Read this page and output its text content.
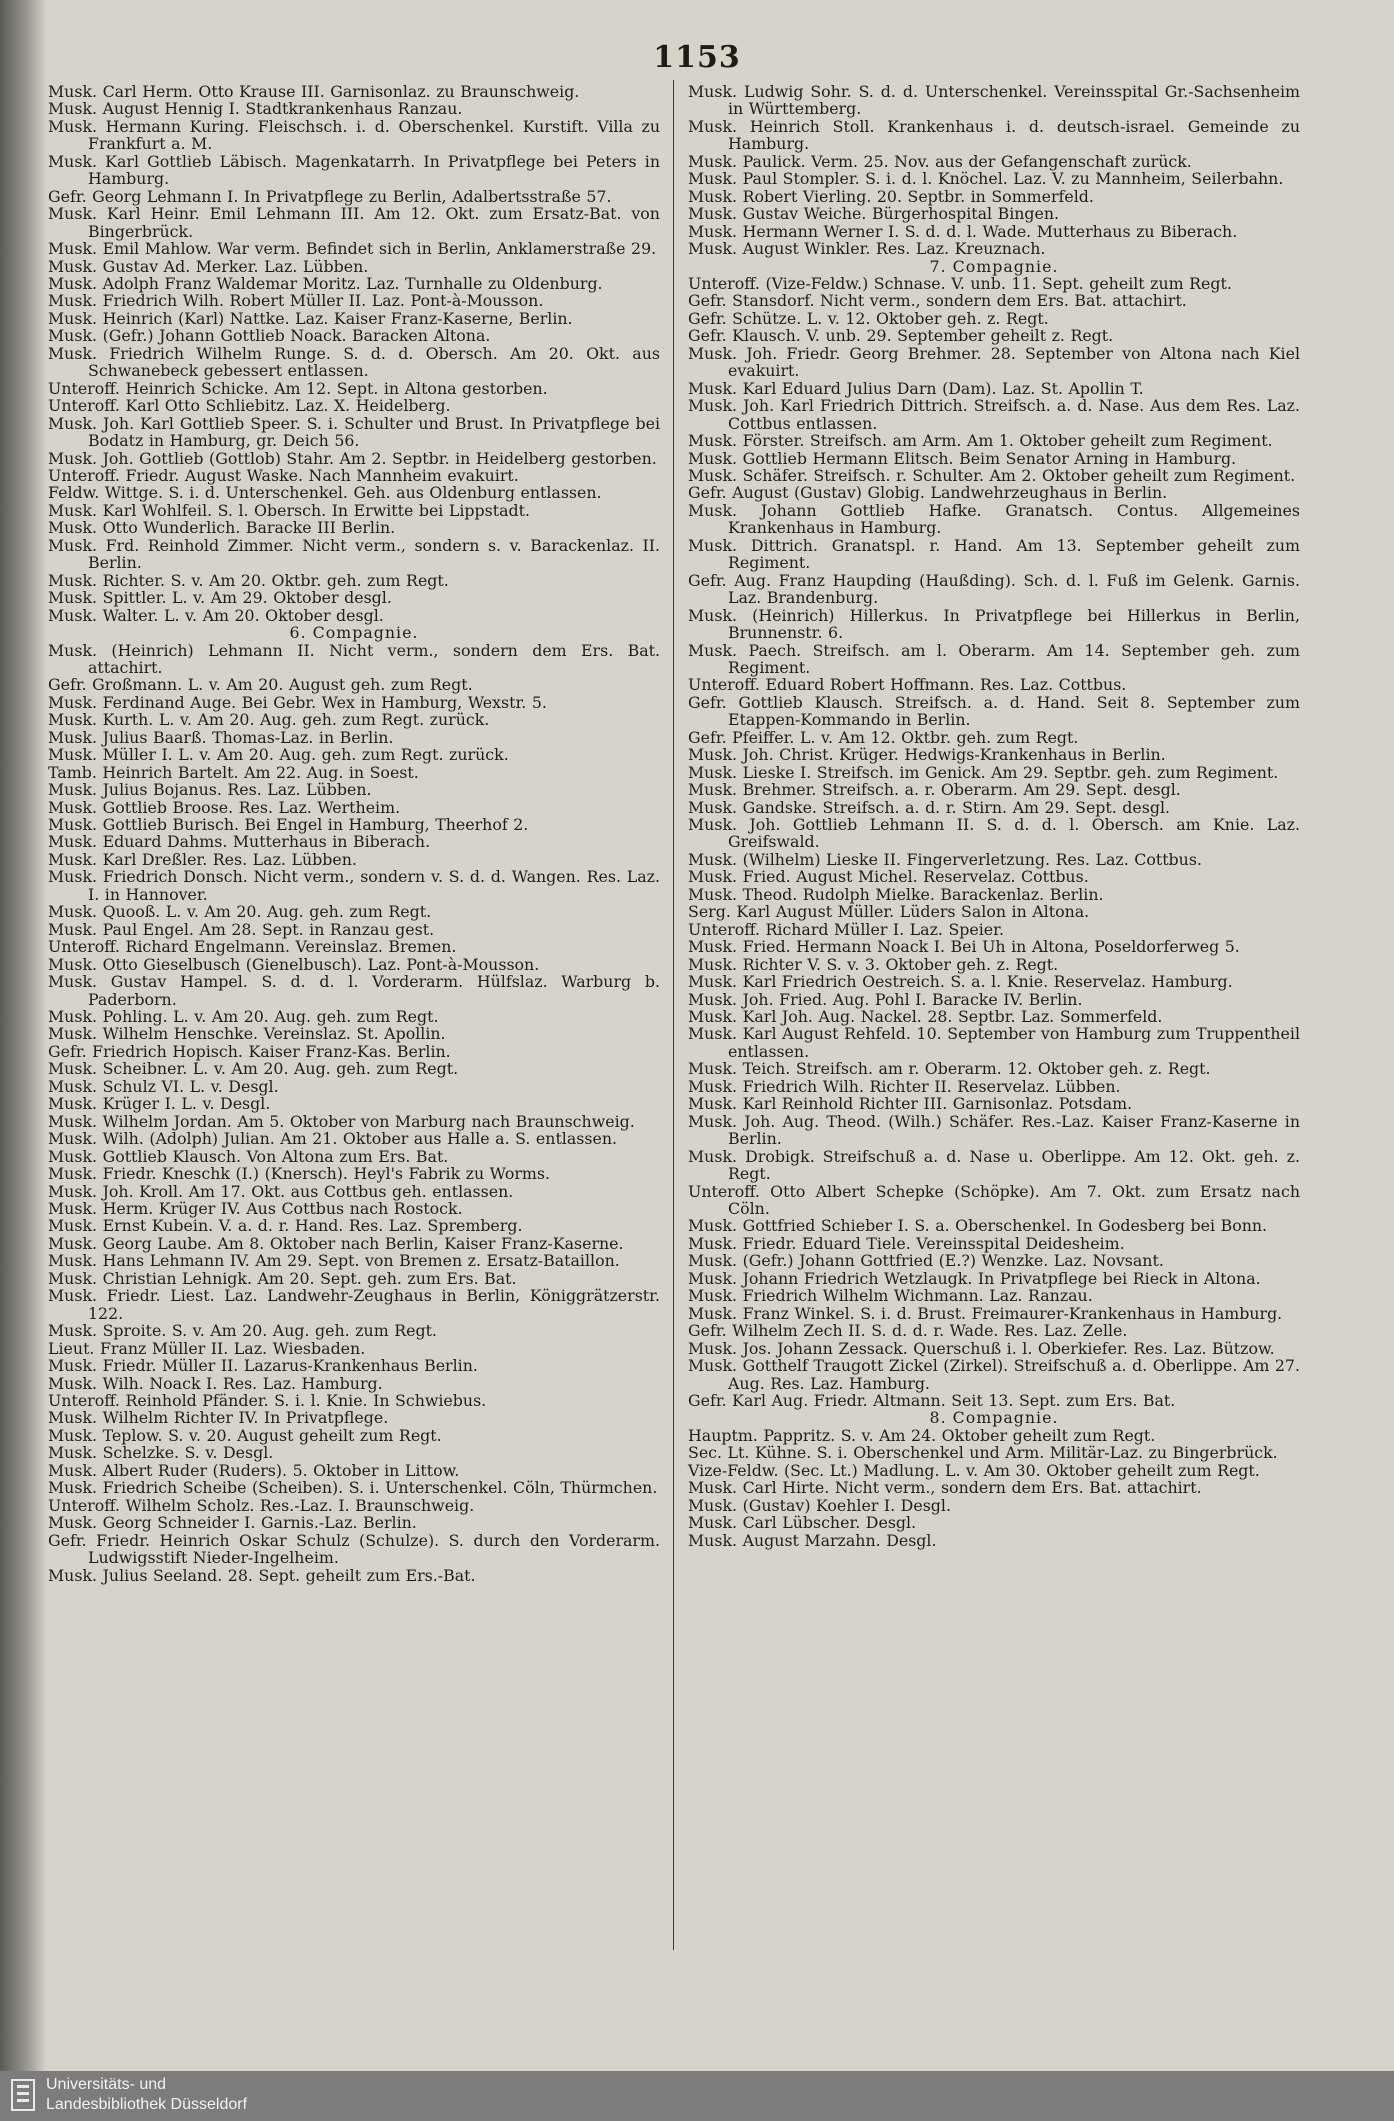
1153

Musk. Carl Herm. Otto Krause III. Garnisonlaz. zu Braunschweig.

Musk. August Hennig I. Stadtkrankenhaus Ranzau.

Musk. Hermann Kuring. Fleischsch. i. d. Oberschenkel. Kurstift. Villa zu Frankfurt a. M.

Musk. Karl Gottlieb Läbisch. Magenkatarrh. In Privatpflege bei Peters in Hamburg.

Gefr. Georg Lehmann I. In Privatpflege zu Berlin, Adalbertsstraße 57.

Musk. Karl Heinr. Emil Lehmann III. Am 12. Okt. zum Ersatz-Bat. von Bingerbrück.

Musk. Emil Mahlow. War verm. Befindet sich in Berlin, Anklamerstraße 29.

Musk. Gustav Ad. Merker. Laz. Lübben.

Musk. Adolph Franz Waldemar Moritz. Laz. Turnhalle zu Oldenburg.

Musk. Friedrich Wilh. Robert Müller II. Laz. Pont-à-Mousson.

Musk. Heinrich (Karl) Nattke. Laz. Kaiser Franz-Kaserne, Berlin.

Musk. (Gefr.) Johann Gottlieb Noack. Baracken Altona.

Musk. Friedrich Wilhelm Runge. S. d. d. Obersch. Am 20. Okt. aus Schwanebeck gebessert entlassen.

Unteroff. Heinrich Schicke. Am 12. Sept. in Altona gestorben.

Unteroff. Karl Otto Schliebitz. Laz. X. Heidelberg.

Musk. Joh. Karl Gottlieb Speer. S. i. Schulter und Brust. In Privatpflege bei Bodatz in Hamburg, gr. Deich 56.

Musk. Joh. Gottlieb (Gottlob) Stahr. Am 2. Septbr. in Heidelberg gestorben.

Unteroff. Friedr. August Waske. Nach Mannheim evakuirt.

Feldw. Wittge. S. i. d. Unterschenkel. Geh. aus Oldenburg entlassen.

Musk. Karl Wohlfeil. S. l. Obersch. In Erwitte bei Lippstadt.

Musk. Otto Wunderlich. Baracke III Berlin.

Musk. Frd. Reinhold Zimmer. Nicht verm., sondern s. v. Barackenlaz. II. Berlin.

Musk. Richter. S. v. Am 20. Oktbr. geh. zum Regt.

Musk. Spittler. L. v. Am 29. Oktober desgl.

Musk. Walter. L. v. Am 20. Oktober desgl.

6. Compagnie.

Musk. (Heinrich) Lehmann II. Nicht verm., sondern dem Ers. Bat. attachirt.

Gefr. Großmann. L. v. Am 20. August geh. zum Regt.

Musk. Ferdinand Auge. Bei Gebr. Wex in Hamburg, Wexstr. 5.

Musk. Kurth. L. v. Am 20. Aug. geh. zum Regt. zurück.

Musk. Julius Baarß. Thomas-Laz. in Berlin.

Musk. Müller I. L. v. Am 20. Aug. geh. zum Regt. zurück.

Tamb. Heinrich Bartelt. Am 22. Aug. in Soest.

Musk. Julius Bojanus. Res. Laz. Lübben.

Musk. Gottlieb Broose. Res. Laz. Wertheim.

Musk. Gottlieb Burisch. Bei Engel in Hamburg, Theerhof 2.

Musk. Eduard Dahms. Mutterhaus in Biberach.

Musk. Karl Dreßler. Res. Laz. Lübben.

Musk. Friedrich Donsch. Nicht verm., sondern v. S. d. d. Wangen. Res. Laz. I. in Hannover.

Musk. Quooß. L. v. Am 20. Aug. geh. zum Regt.

Musk. Paul Engel. Am 28. Sept. in Ranzau gest.

Unteroff. Richard Engelmann. Vereinslaz. Bremen.

Musk. Otto Gieselbusch (Gienelbusch). Laz. Pont-à-Mousson.

Musk. Gustav Hampel. S. d. d. l. Vorderarm. Hülfslaz. Warburg b. Paderborn.

Musk. Pohling. L. v. Am 20. Aug. geh. zum Regt.

Musk. Wilhelm Henschke. Vereinslaz. St. Apollin.

Gefr. Friedrich Hopisch. Kaiser Franz-Kas. Berlin.

Musk. Scheibner. L. v. Am 20. Aug. geh. zum Regt.

Musk. Schulz VI. L. v. Desgl.

Musk. Krüger I. L. v. Desgl.

Musk. Wilhelm Jordan. Am 5. Oktober von Marburg nach Braunschweig.

Musk. Wilh. (Adolph) Julian. Am 21. Oktober aus Halle a. S. entlassen.

Musk. Gottlieb Klausch. Von Altona zum Ers. Bat.

Musk. Friedr. Kneschk (I.) (Knersch). Heyl's Fabrik zu Worms.

Musk. Joh. Kroll. Am 17. Okt. aus Cottbus geh. entlassen.

Musk. Herm. Krüger IV. Aus Cottbus nach Rostock.

Musk. Ernst Kubein. V. a. d. r. Hand. Res. Laz. Spremberg.

Musk. Georg Laube. Am 8. Oktober nach Berlin, Kaiser Franz-Kaserne.

Musk. Hans Lehmann IV. Am 29. Sept. von Bremen z. Ersatz-Bataillon.

Musk. Christian Lehnigk. Am 20. Sept. geh. zum Ers. Bat.

Musk. Friedr. Liest. Laz. Landwehr-Zeughaus in Berlin, Königgrätzerstr. 122.

Musk. Sproite. S. v. Am 20. Aug. geh. zum Regt.

Lieut. Franz Müller II. Laz. Wiesbaden.

Musk. Friedr. Müller II. Lazarus-Krankenhaus Berlin.

Musk. Wilh. Noack I. Res. Laz. Hamburg.

Unteroff. Reinhold Pfänder. S. i. l. Knie. In Schwiebus.

Musk. Wilhelm Richter IV. In Privatpflege.

Musk. Teplow. S. v. 20. August geheilt zum Regt.

Musk. Schelzke. S. v. Desgl.

Musk. Albert Ruder (Ruders). 5. Oktober in Littow.

Musk. Friedrich Scheibe (Scheiben). S. i. Unterschenkel. Cöln, Thürmchen.

Unteroff. Wilhelm Scholz. Res.-Laz. I. Braunschweig.

Musk. Georg Schneider I. Garnis.-Laz. Berlin.

Gefr. Friedr. Heinrich Oskar Schulz (Schulze). S. durch den Vorderarm. Ludwigsstift Nieder-Ingelheim.

Musk. Julius Seeland. 28. Sept. geheilt zum Ers.-Bat.

Musk. Ludwig Sohr. S. d. d. Unterschenkel. Vereinsspital Gr.-Sachsenheim in Württemberg.

Musk. Heinrich Stoll. Krankenhaus i. d. deutsch-israel. Gemeinde zu Hamburg.

Musk. Paulick. Verm. 25. Nov. aus der Gefangenschaft zurück.

Musk. Paul Stompler. S. i. d. l. Knöchel. Laz. V. zu Mannheim, Seilerbahn.

Musk. Robert Vierling. 20. Septbr. in Sommerfeld.

Musk. Gustav Weiche. Bürgerhospital Bingen.

Musk. Hermann Werner I. S. d. d. l. Wade. Mutterhaus zu Biberach.

Musk. August Winkler. Res. Laz. Kreuznach.

7. Compagnie.

Unteroff. (Vize-Feldw.) Schnase. V. unb. 11. Sept. geheilt zum Regt.

Gefr. Stansdorf. Nicht verm., sondern dem Ers. Bat. attachirt.

Gefr. Schütze. L. v. 12. Oktober geh. z. Regt.

Gefr. Klausch. V. unb. 29. September geheilt z. Regt.

Musk. Joh. Friedr. Georg Brehmer. 28. September von Altona nach Kiel evakuirt.

Musk. Karl Eduard Julius Darn (Dam). Laz. St. Apollin T.

Musk. Joh. Karl Friedrich Dittrich. Streifsch. a. d. Nase. Aus dem Res. Laz. Cottbus entlassen.

Musk. Förster. Streifsch. am Arm. Am 1. Oktober geheilt zum Regiment.

Musk. Gottlieb Hermann Elitsch. Beim Senator Arning in Hamburg.

Musk. Schäfer. Streifsch. r. Schulter. Am 2. Oktober geheilt zum Regiment.

Gefr. August (Gustav) Globig. Landwehrzeughaus in Berlin.

Musk. Johann Gottlieb Hafke. Granatsch. Contus. Allgemeines Krankenhaus in Hamburg.

Musk. Dittrich. Granatspl. r. Hand. Am 13. September geheilt zum Regiment.

Gefr. Aug. Franz Haupding (Haußding). Sch. d. l. Fuß im Gelenk. Garnis. Laz. Brandenburg.

Musk. (Heinrich) Hillerkus. In Privatpflege bei Hillerkus in Berlin, Brunnenstr. 6.

Musk. Paech. Streifsch. am l. Oberarm. Am 14. September geh. zum Regiment.

Unteroff. Eduard Robert Hoffmann. Res. Laz. Cottbus.

Gefr. Gottlieb Klausch. Streifsch. a. d. Hand. Seit 8. September zum Etappen-Kommando in Berlin.

Gefr. Pfeiffer. L. v. Am 12. Oktbr. geh. zum Regt.

Musk. Joh. Christ. Krüger. Hedwigs-Krankenhaus in Berlin.

Musk. Lieske I. Streifsch. im Genick. Am 29. Septbr. geh. zum Regiment.

Musk. Brehmer. Streifsch. a. r. Oberarm. Am 29. Sept. desgl.

Musk. Gandske. Streifsch. a. d. r. Stirn. Am 29. Sept. desgl.

Musk. Joh. Gottlieb Lehmann II. S. d. d. l. Obersch. am Knie. Laz. Greifswald.

Musk. (Wilhelm) Lieske II. Fingerverletzung. Res. Laz. Cottbus.

Musk. Fried. August Michel. Reservelaz. Cottbus.

Musk. Theod. Rudolph Mielke. Barackenlaz. Berlin.

Serg. Karl August Müller. Lüders Salon in Altona.

Unteroff. Richard Müller I. Laz. Speier.

Musk. Fried. Hermann Noack I. Bei Uh in Altona, Poseldorferweg 5.

Musk. Richter V. S. v. 3. Oktober geh. z. Regt.

Musk. Karl Friedrich Oestreich. S. a. l. Knie. Reservelaz. Hamburg.

Musk. Joh. Fried. Aug. Pohl I. Baracke IV. Berlin.

Musk. Karl Joh. Aug. Nackel. 28. Septbr. Laz. Sommerfeld.

Musk. Karl August Rehfeld. 10. September von Hamburg zum Truppentheil entlassen.

Musk. Teich. Streifsch. am r. Oberarm. 12. Oktober geh. z. Regt.

Musk. Friedrich Wilh. Richter II. Reservelaz. Lübben.

Musk. Karl Reinhold Richter III. Garnisonlaz. Potsdam.

Musk. Joh. Aug. Theod. (Wilh.) Schäfer. Res.-Laz. Kaiser Franz-Kaserne in Berlin.

Musk. Drobigk. Streifschuß a. d. Nase u. Oberlippe. Am 12. Okt. geh. z. Regt.

Unteroff. Otto Albert Schepke (Schöpke). Am 7. Okt. zum Ersatz nach Cöln.

Musk. Gottfried Schieber I. S. a. Oberschenkel. In Godesberg bei Bonn.

Musk. Friedr. Eduard Tiele. Vereinsspital Deidesheim.

Musk. (Gefr.) Johann Gottfried (E.?) Wenzke. Laz. Novsant.

Musk. Johann Friedrich Wetzlaugk. In Privatpflege bei Rieck in Altona.

Musk. Friedrich Wilhelm Wichmann. Laz. Ranzau.

Musk. Franz Winkel. S. i. d. Brust. Freimaurer-Krankenhaus in Hamburg.

Gefr. Wilhelm Zech II. S. d. d. r. Wade. Res. Laz. Zelle.

Musk. Jos. Johann Zessack. Querschuß i. l. Oberkiefer. Res. Laz. Bützow.

Musk. Gotthelf Traugott Zickel (Zirkel). Streifschuß a. d. Oberlippe. Am 27. Aug. Res. Laz. Hamburg.

Gefr. Karl Aug. Friedr. Altmann. Seit 13. Sept. zum Ers. Bat.

8. Compagnie.

Hauptm. Pappritz. S. v. Am 24. Oktober geheilt zum Regt.

Sec. Lt. Kühne. S. i. Oberschenkel und Arm. Militär-Laz. zu Bingerbrück.

Vize-Feldw. (Sec. Lt.) Madlung. L. v. Am 30. Oktober geheilt zum Regt.

Musk. Carl Hirte. Nicht verm., sondern dem Ers. Bat. attachirt.

Musk. (Gustav) Koehler I. Desgl.

Musk. Carl Lübscher. Desgl.

Musk. August Marzahn. Desgl.

Universitäts- und
Landesbibliothek Düsseldorf
